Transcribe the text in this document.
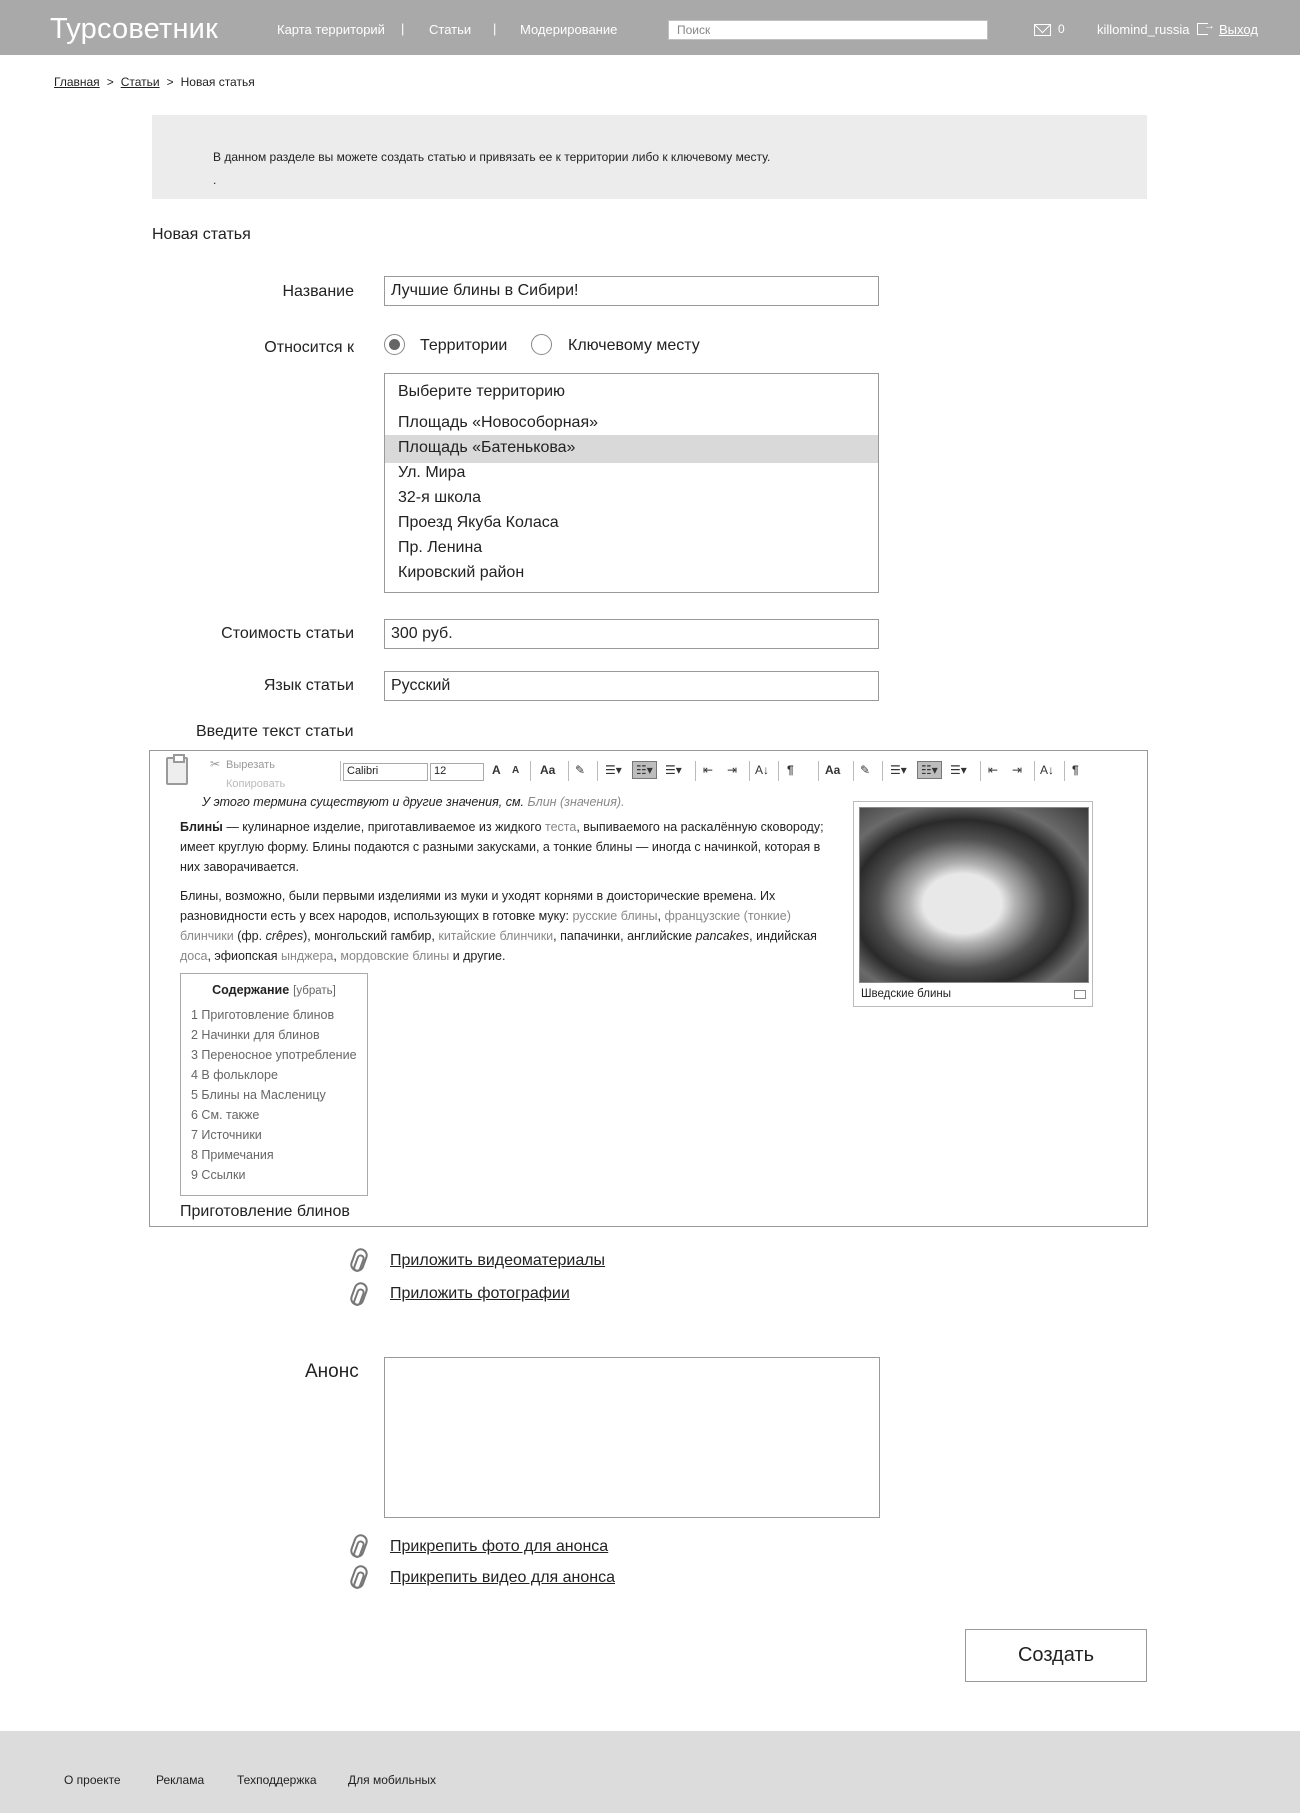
Турсоветник	Карта территорий | Статьи | Модерирование	Поиск	0 killomind_russia → Выход
Главная > Статьи > Новая статья
В данном разделе вы можете создать статью и привязать ее к территории либо к ключевому месту.
.
Новая статья
Название	Лучшие блины в Сибири!
Относится к	Территории	Ключевому месту
Выберите территорию
Площадь «Новособорная»
Площадь «Батенькова»
Ул. Мира
32-я школа
Проезд Якуба Коласа
Пр. Ленина
Кировский район
Стоимость статьи	300 руб.
Язык статьи	Русский
Введите текст статьи
✂ Вырезать
Копировать
Calibri	12	A A Aa ✎ ☰▾	☷▾	☰▾ ⇤ ⇥ A↓ ¶	Aa ✎ ☰▾	☷▾	☰▾ ⇤ ⇥ A↓ ¶
У этого термина существуют и другие значения, см. Блин (значения).
Блины́ — кулинарное изделие, приготавливаемое из жидкого теста, выпиваемого на раскалённую сковороду; имеет круглую форму. Блины подаются с разными закусками, а тонкие блины — иногда с начинкой, которая в них заворачивается.
Блины, возможно, были первыми изделиями из муки и уходят корнями в доисторические времена. Их разновидности есть у всех народов, использующих в готовке муку: русские блины, французские (тонкие) блинчики (фр. crêpes), монгольский гамбир, китайские блинчики, папачинки, английские pancakes, индийская доса, эфиопская ынджера, мордовские блины и другие.
Содержание [убрать]
1 Приготовление блинов
2 Начинки для блинов
3 Переносное употребление
4 В фольклоре
5 Блины на Масленицу
6 См. также
7 Источники
8 Примечания
9 Ссылки
Приготовление блинов
Шведские блины
Приложить видеоматериалы
Приложить фотографии
Анонс
Прикрепить фото для анонса
Прикрепить видео для анонса
Создать
О проекте	Реклама	Техподдержка	Для мобильных
